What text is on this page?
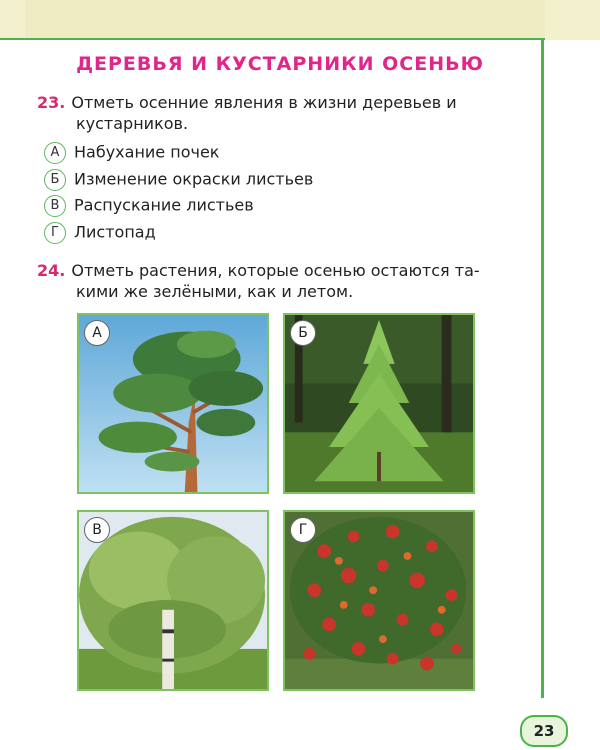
ДЕРЕВЬЯ И КУСТАРНИКИ ОСЕНЬЮ
23. Отметь осенние явления в жизни деревьев и
кустарников.
А Набухание почек
Б Изменение окраски листьев
В Распускание листьев
Г Листопад
24. Отметь растения, которые осенью остаются та-
кими же зелёными, как и летом.
А	Б
В	Г
23
